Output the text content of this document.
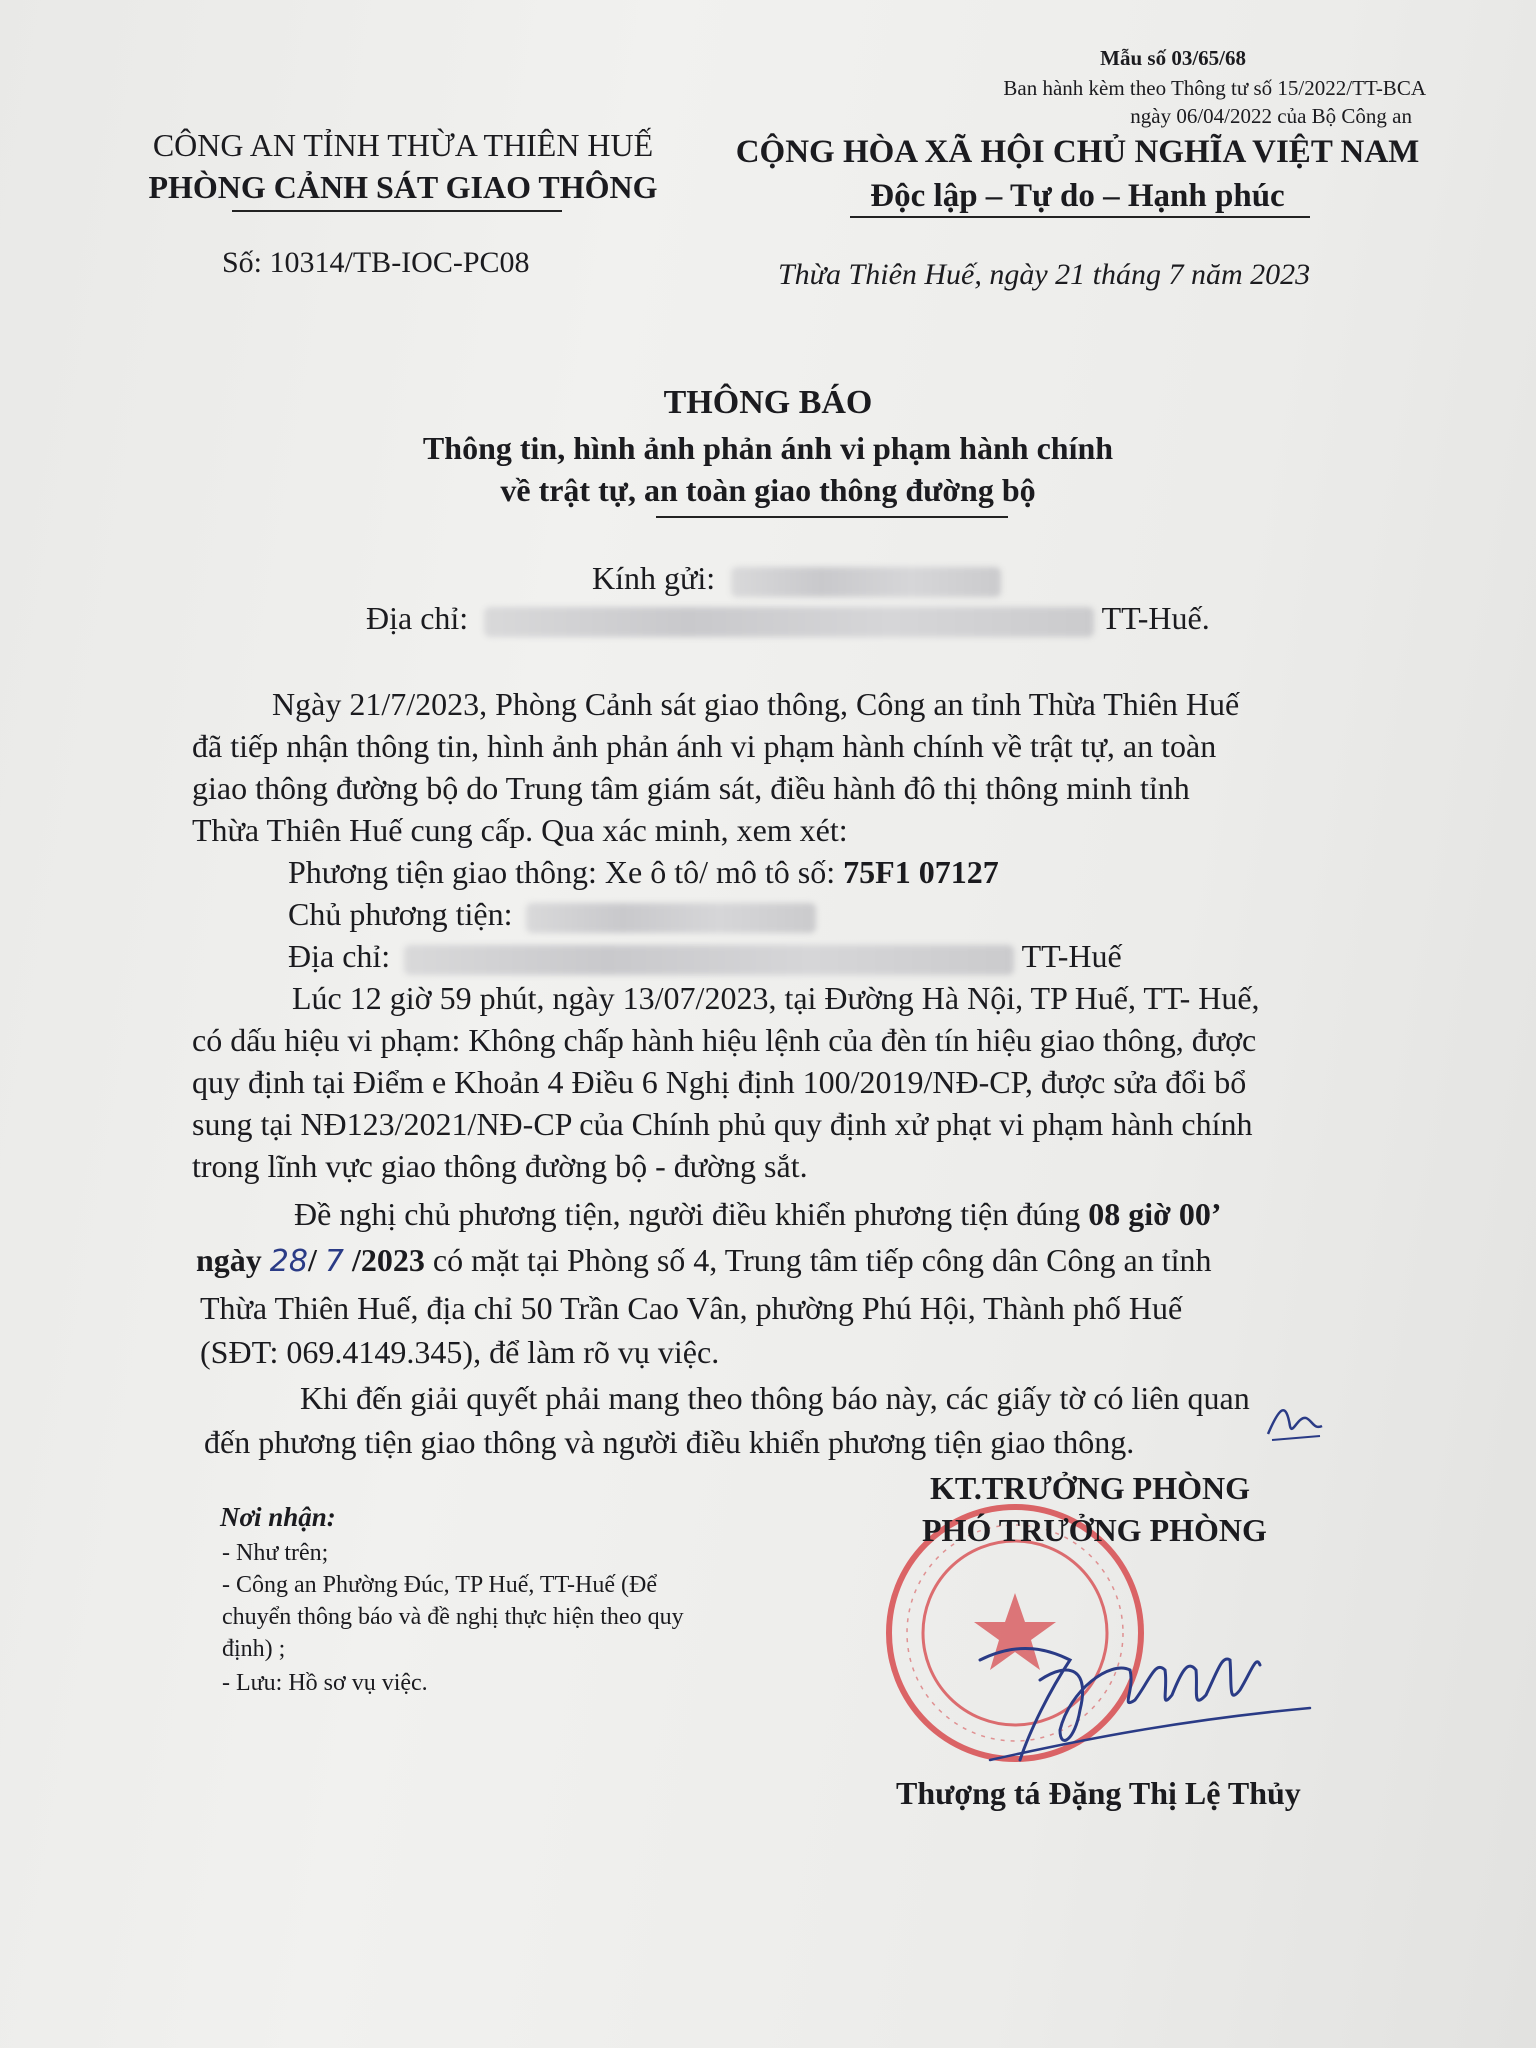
Mẫu số 03/65/68
Ban hành kèm theo Thông tư số 15/2022/TT-BCA
ngày 06/04/2022 của Bộ Công an
CÔNG AN TỈNH THỪA THIÊN HUẾ
PHÒNG CẢNH SÁT GIAO THÔNG
CỘNG HÒA XÃ HỘI CHỦ NGHĨA VIỆT NAM
Độc lập – Tự do – Hạnh phúc
Số: 10314/TB-IOC-PC08	Thừa Thiên Huế, ngày 21 tháng 7 năm 2023
THÔNG BÁO
Thông tin, hình ảnh phản ánh vi phạm hành chính
về trật tự, an toàn giao thông đường bộ
Kính gửi:
Địa chỉ:	TT-Huế.
Ngày 21/7/2023, Phòng Cảnh sát giao thông, Công an tỉnh Thừa Thiên Huế
đã tiếp nhận thông tin, hình ảnh phản ánh vi phạm hành chính về trật tự, an toàn
giao thông đường bộ do Trung tâm giám sát, điều hành đô thị thông minh tỉnh
Thừa Thiên Huế cung cấp. Qua xác minh, xem xét:
Phương tiện giao thông: Xe ô tô/ mô tô số: 75F1 07127
Chủ phương tiện:
Địa chỉ:	TT-Huế
Lúc 12 giờ 59 phút, ngày 13/07/2023, tại Đường Hà Nội, TP Huế, TT- Huế,
có dấu hiệu vi phạm: Không chấp hành hiệu lệnh của đèn tín hiệu giao thông, được
quy định tại Điểm e Khoản 4 Điều 6 Nghị định 100/2019/NĐ-CP, được sửa đổi bổ
sung tại NĐ123/2021/NĐ-CP của Chính phủ quy định xử phạt vi phạm hành chính
trong lĩnh vực giao thông đường bộ - đường sắt.
Đề nghị chủ phương tiện, người điều khiển phương tiện đúng 08 giờ 00’
ngày 28/ 7 /2023 có mặt tại Phòng số 4, Trung tâm tiếp công dân Công an tỉnh
Thừa Thiên Huế, địa chỉ 50 Trần Cao Vân, phường Phú Hội, Thành phố Huế
(SĐT: 069.4149.345), để làm rõ vụ việc.
Khi đến giải quyết phải mang theo thông báo này, các giấy tờ có liên quan
đến phương tiện giao thông và người điều khiển phương tiện giao thông.
Nơi nhận:
- Như trên;
- Công an Phường Đúc, TP Huế, TT-Huế (Để
chuyển thông báo và đề nghị thực hiện theo quy
định) ;
- Lưu: Hồ sơ vụ việc.
KT.TRƯỞNG PHÒNG
PHÓ TRƯỞNG PHÒNG
Thượng tá Đặng Thị Lệ Thủy
